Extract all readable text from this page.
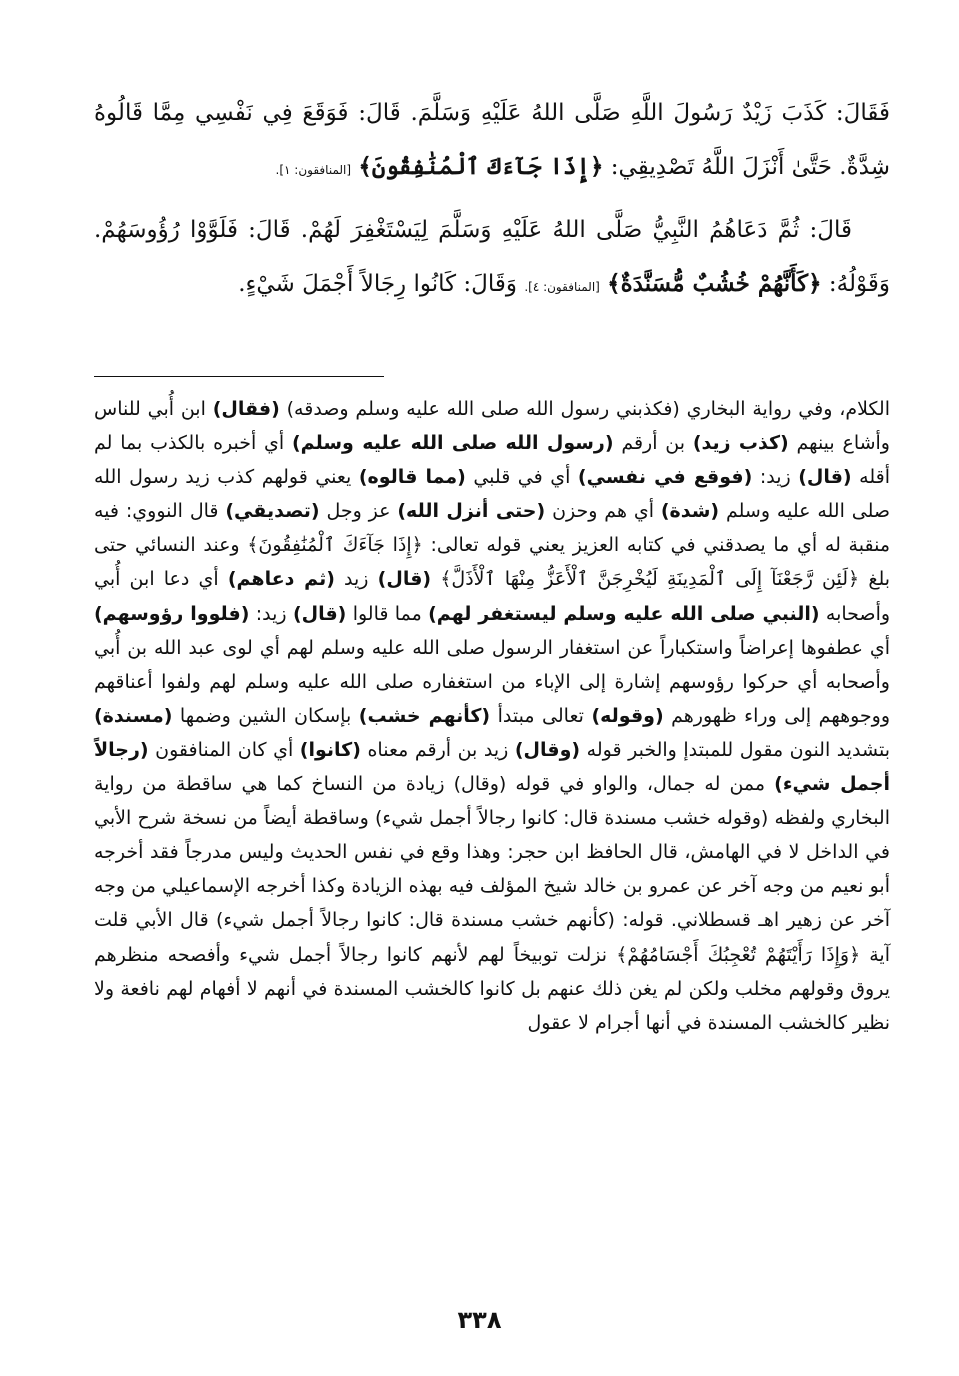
فَقَالَ: كَذَبَ زَيْدٌ رَسُولَ اللَّهِ صَلَّى اللهُ عَلَيْهِ وَسَلَّمَ. قَالَ: فَوَقَعَ فِي نَفْسِي مِمَّا قَالُوهُ شِدَّةٌ. حَتَّىٰ أَنْزَلَ اللَّهُ تَصْدِيقِي: ﴿إِذَا جَآءَكَ ٱلْمُنَٰفِقُونَ﴾ [المنافقون: ١].

قَالَ: ثُمَّ دَعَاهُمُ النَّبِيُّ صَلَّى اللهُ عَلَيْهِ وَسَلَّمَ لِيَسْتَغْفِرَ لَهُمْ. قَالَ: فَلَوَّوْا رُؤُوسَهُمْ. وَقَوْلُهُ: ﴿كَأَنَّهُمْ خُشُبٌ مُّسَنَّدَةٌ﴾ [المنافقون: ٤]. وَقَالَ: كَانُوا رِجَالاً أَجْمَلَ شَيْءٍ.

الكلام، وفي رواية البخاري (فكذبني رسول الله صلى الله عليه وسلم وصدقه) (فقال) ابن أُبي للناس وأشاع بينهم (كذب زيد) بن أرقم (رسول الله صلى الله عليه وسلم) أي أخبره بالكذب بما لم أقله (قال) زيد: (فوقع في نفسي) أي في قلبي (مما قالوه) يعني قولهم كذب زيد رسول الله صلى الله عليه وسلم (شدة) أي هم وحزن (حتى أنزل الله) عز وجل (تصديقي) قال النووي: فيه منقبة له أي ما يصدقني في كتابه العزيز يعني قوله تعالى: ﴿إِذَا جَآءَكَ ٱلْمُنَٰفِقُونَ﴾ وعند النسائي حتى بلغ ﴿لَئِن رَّجَعْنَآ إِلَى ٱلْمَدِينَةِ لَيُخْرِجَنَّ ٱلْأَعَزُّ مِنْهَا ٱلْأَذَلَّ﴾ (قال) زيد (ثم دعاهم) أي دعا ابن أُبي وأصحابه (النبي صلى الله عليه وسلم ليستغفر لهم) مما قالوا (قال) زيد: (فلووا رؤوسهم) أي عطفوها إعراضاً واستكباراً عن استغفار الرسول صلى الله عليه وسلم لهم أي لوى عبد الله بن أُبي وأصحابه أي حركوا رؤوسهم إشارة إلى الإباء من استغفاره صلى الله عليه وسلم لهم ولفوا أعناقهم ووجوههم إلى وراء ظهورهم (وقوله) تعالى مبتدأ (كأنهم خشب) بإسكان الشين وضمها (مسندة) بتشديد النون مقول للمبتدإ والخبر قوله (وقال) زيد بن أرقم معناه (كانوا) أي كان المنافقون (رجالاً أجمل شيء) ممن له جمال، والواو في قوله (وقال) زيادة من النساخ كما هي ساقطة من رواية البخاري ولفظه (وقوله خشب مسندة قال: كانوا رجالاً أجمل شيء) وساقطة أيضاً من نسخة شرح الأبي في الداخل لا في الهامش، قال الحافظ ابن حجر: وهذا وقع في نفس الحديث وليس مدرجاً فقد أخرجه أبو نعيم من وجه آخر عن عمرو بن خالد شيخ المؤلف فيه بهذه الزيادة وكذا أخرجه الإسماعيلي من وجه آخر عن زهير اهـ قسطلاني. قوله: (كأنهم خشب مسندة قال: كانوا رجالاً أجمل شيء) قال الأبي قلت آية ﴿وَإِذَا رَأَيْتَهُمْ تُعْجِبُكَ أَجْسَامُهُمْ﴾ نزلت توبيخاً لهم لأنهم كانوا رجالاً أجمل شيء وأفصحه منظرهم يروق وقولهم مخلب ولكن لم يغن ذلك عنهم بل كانوا كالخشب المسندة في أنهم لا أفهام لهم نافعة ولا نظير كالخشب المسندة في أنها أجرام لا عقول

٣٣٨
